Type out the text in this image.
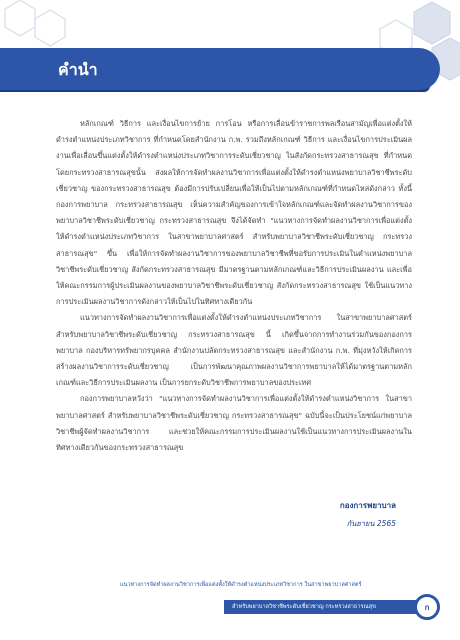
คำนำ

หลักเกณฑ์ วิธีการ และเงื่อนไขการย้าย การโอน หรือการเลื่อนข้าราชการพลเรือนสามัญเพื่อแต่งตั้งให้ดำรงตำแหน่งประเภทวิชาการ ที่กำหนดโดยสำนักงาน ก.พ. รวมถึงหลักเกณฑ์ วิธีการ และเงื่อนไขการประเมินผลงานเพื่อเลื่อนขึ้นแต่งตั้งให้ดำรงตำแหน่งประเภทวิชาการระดับเชี่ยวชาญ ในสังกัดกระทรวงสาธารณสุข ที่กำหนดโดยกระทรวงสาธารณสุขนั้น ส่งผลให้การจัดทำผลงานวิชาการเพื่อแต่งตั้งให้ดำรงตำแหน่งพยาบาลวิชาชีพระดับเชี่ยวชาญ ของกระทรวงสาธารณสุข ต้องมีการปรับเปลี่ยนเพื่อให้เป็นไปตามหลักเกณฑ์ที่กำหนดไหล่ดังกล่าว ทั้งนี้กองการพยาบาล กระทรวงสาธารณสุข เห็นความสำคัญของการเข้าใจหลักเกณฑ์และจัดทำผลงานวิชาการของพยาบาลวิชาชีพระดับเชี่ยวชาญ กระทรวงสาธารณสุข จึงได้จัดทำ "แนวทางการจัดทำผลงานวิชาการเพื่อแต่งตั้งให้ดำรงตำแหน่งประเภทวิชาการ ในสาขาพยาบาลศาสตร์ สำหรับพยาบาลวิชาชีพระดับเชี่ยวชาญ กระทรวงสาธารณสุข" ขึ้น เพื่อให้การจัดทำผลงานวิชาการของพยาบาลวิชาชีพที่ขอรับการประเมินในตำแหน่งพยาบาลวิชาชีพระดับเชี่ยวชาญ สังกัดกระทรวงสาธารณสุข มีมาตรฐานตามหลักเกณฑ์และวิธีการประเมินผลงาน และเพื่อให้คณะกรรมการผู้ประเมินผลงานของพยาบาลวิชาชีพระดับเชี่ยวชาญ สังกัดกระทรวงสาธารณสุข ใช้เป็นแนวทางการประเมินผลงานวิชาการดังกล่าวให้เป็นไปในทิศทางเดียวกัน

แนวทางการจัดทำผลงานวิชาการเพื่อแต่งตั้งให้ดำรงตำแหน่งประเภทวิชาการ ในสาขาพยาบาลศาสตร์ สำหรับพยาบาลวิชาชีพระดับเชี่ยวชาญ กระทรวงสาธารณสุข นี้ เกิดขึ้นจากการทำงานร่วมกันของกองการพยาบาล กองบริหารทรัพยากรบุคคล สำนักงานปลัดกระทรวงสาธารณสุข และสำนักงาน ก.พ. ที่มุ่งหวังให้เกิดการสร้างผลงานวิชาการระดับเชี่ยวชาญ เป็นการพัฒนาคุณภาพผลงานวิชาการพยาบาลให้ได้มาตรฐานตามหลักเกณฑ์และวิธีการประเมินผลงาน เป็นการยกระดับวิชาชีพการพยาบาลของประเทศ

กองการพยาบาลหวังว่า "แนวทางการจัดทำผลงานวิชาการเพื่อแต่งตั้งให้ดำรงตำแหน่งวิชาการ ในสาขาพยาบาลศาสตร์ สำหรับพยาบาลวิชาชีพระดับเชี่ยวชาญ กระทรวงสาธารณสุข" ฉบับนี้จะเป็นประโยชน์แก่พยาบาลวิชาชีพผู้จัดทำผลงานวิชาการ และช่วยให้คณะกรรมการประเมินผลงานใช้เป็นแนวทางการประเมินผลงานในทิศทางเดียวกันของกระทรวงสาธารณสุข

กองการพยาบาล
กันยายน 2565
แนวทางการจัดทำผลงานวิชาการเพื่อแต่งตั้งให้ดำรงตำแหน่งประเภทวิชาการ ในสาขาพยาบาลศาสตร์
สำหรับพยาบาลวิชาชีพระดับเชี่ยวชาญ กระทรวงสาธารณสุข	ก
